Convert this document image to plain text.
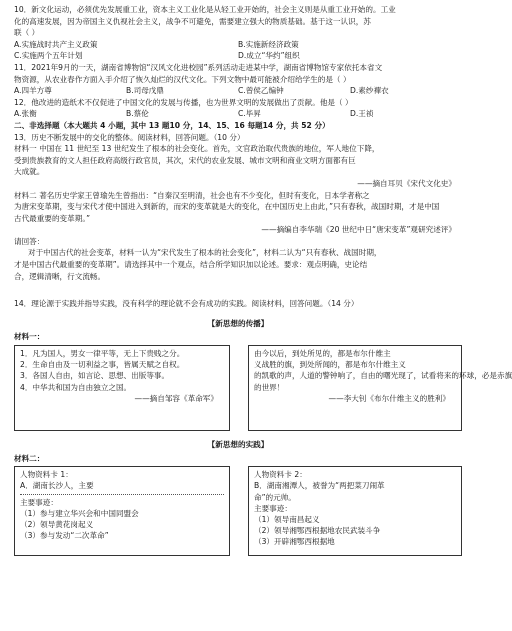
10．新文化运动，必须优先发展重工业，资本主义工业化是从轻工业开始的，社会主义则是从重工业开始的。工业

化的高速发展，因为帝国主义仇视社会主义，战争不可避免，需要建立强大的物质基础。基于这一认识，苏

联（ ）

A.实施战时共产主义政策	B.实施新经济政策
C.实施两个五年计划	D.成立“华约”组织

11．2021年9月的一天，湖南省博物馆“汉风文化进校园”系列活动走进某中学，湖南省博物馆专家依托本省文

物资源，从农业春作方面入手介绍了恢久灿烂的汉代文化。下列文物中最可能被介绍给学生的是（ ）

A.四羊方尊	B.司母戊鼎	C.曾侯乙编钟	D.素纱襌衣

12．他改进的造纸术不仅促进了中国文化的发展与传播，也为世界文明的发展做出了贡献。他是（ ）

A.张衡	B.蔡伦	C.毕昇	D.王祯

二、非选择题（本大题共 4 小题，其中 13 题10 分，14、15、16 每题14 分，共 52 分）

13．历史不断发展中的交化的整体。阅读材料，回答问题。（10 分）

材料一 中国在 11 世纪至 13 世纪发生了根本的社会变化。首先，文官政治取代贵族的地位，军人地位下降，

受到贵族教育的文人担任政府高级行政官员，其次，宋代的农业发展、城市文明和商业文明方面都有巨

大成就。

——摘自耳贝《宋代文化史》

材料二 著名历史学家王曾瑜先生曾指出：“自秦汉至明清，社会也有不少变化，但时有变化，日本学者称之

为唐宋变革期，变与宋代才使中国进入到新的，而宋的变革就是大的变化，在中国历史上由此，”只有春秋，战国时期，才是中国

古代最重要的变革期。”

——摘编自李华瑞《20 世纪中日“唐宋变革”观研究述评》

请回答：

对于中国古代的社会变革，材料一认为“宋代发生了根本的社会变化”，材料二认为“只有春秋、战国时期，

才是中国古代最重要的变革期”。请选择其中一个观点，结合所学知识加以论述。要求：观点明确，史论结

合，逻辑清晰，行文流畅。

14．理论源于实践并指导实践，没有科学的理论就不会有成功的实践。阅读材料，回答问题。（14 分）

【新思想的传播】

材料一：

1．凡为国人，男女一律平等，无上下贵贱之分。

2．生命自由及一切利益之事，皆属天赋之自权。

3．各国人自由，如言论、思想、出版等事。

4．中华共和国为自由独立之国。

——摘自邹容《革命军》

由今以后，到处所见的，都是布尔什维主

义战胜的旗，到处所闻的，都是布尔什维主义

的凯歌的声，人道的警钟响了，自由的曙光现了，试看将来的环球，必是赤旗

的世界！

——李大钊《布尔什维主义的胜利》

【新思想的实践】

材料二：

人物资料卡 1：

A．湖南长沙人，主要

主要事迹：

（1）参与建立华兴会和中国同盟会

（2）领导黄花岗起义

（3）参与发动“二次革命”

人物资料卡 2：

B．湖南湘潭人，被誉为“两把菜刀闹革

命”的元帅。

主要事迹：

（1）领导南昌起义

（2）领导湘鄂西根据地农民武装斗争

（3）开辟湘鄂西根据地
